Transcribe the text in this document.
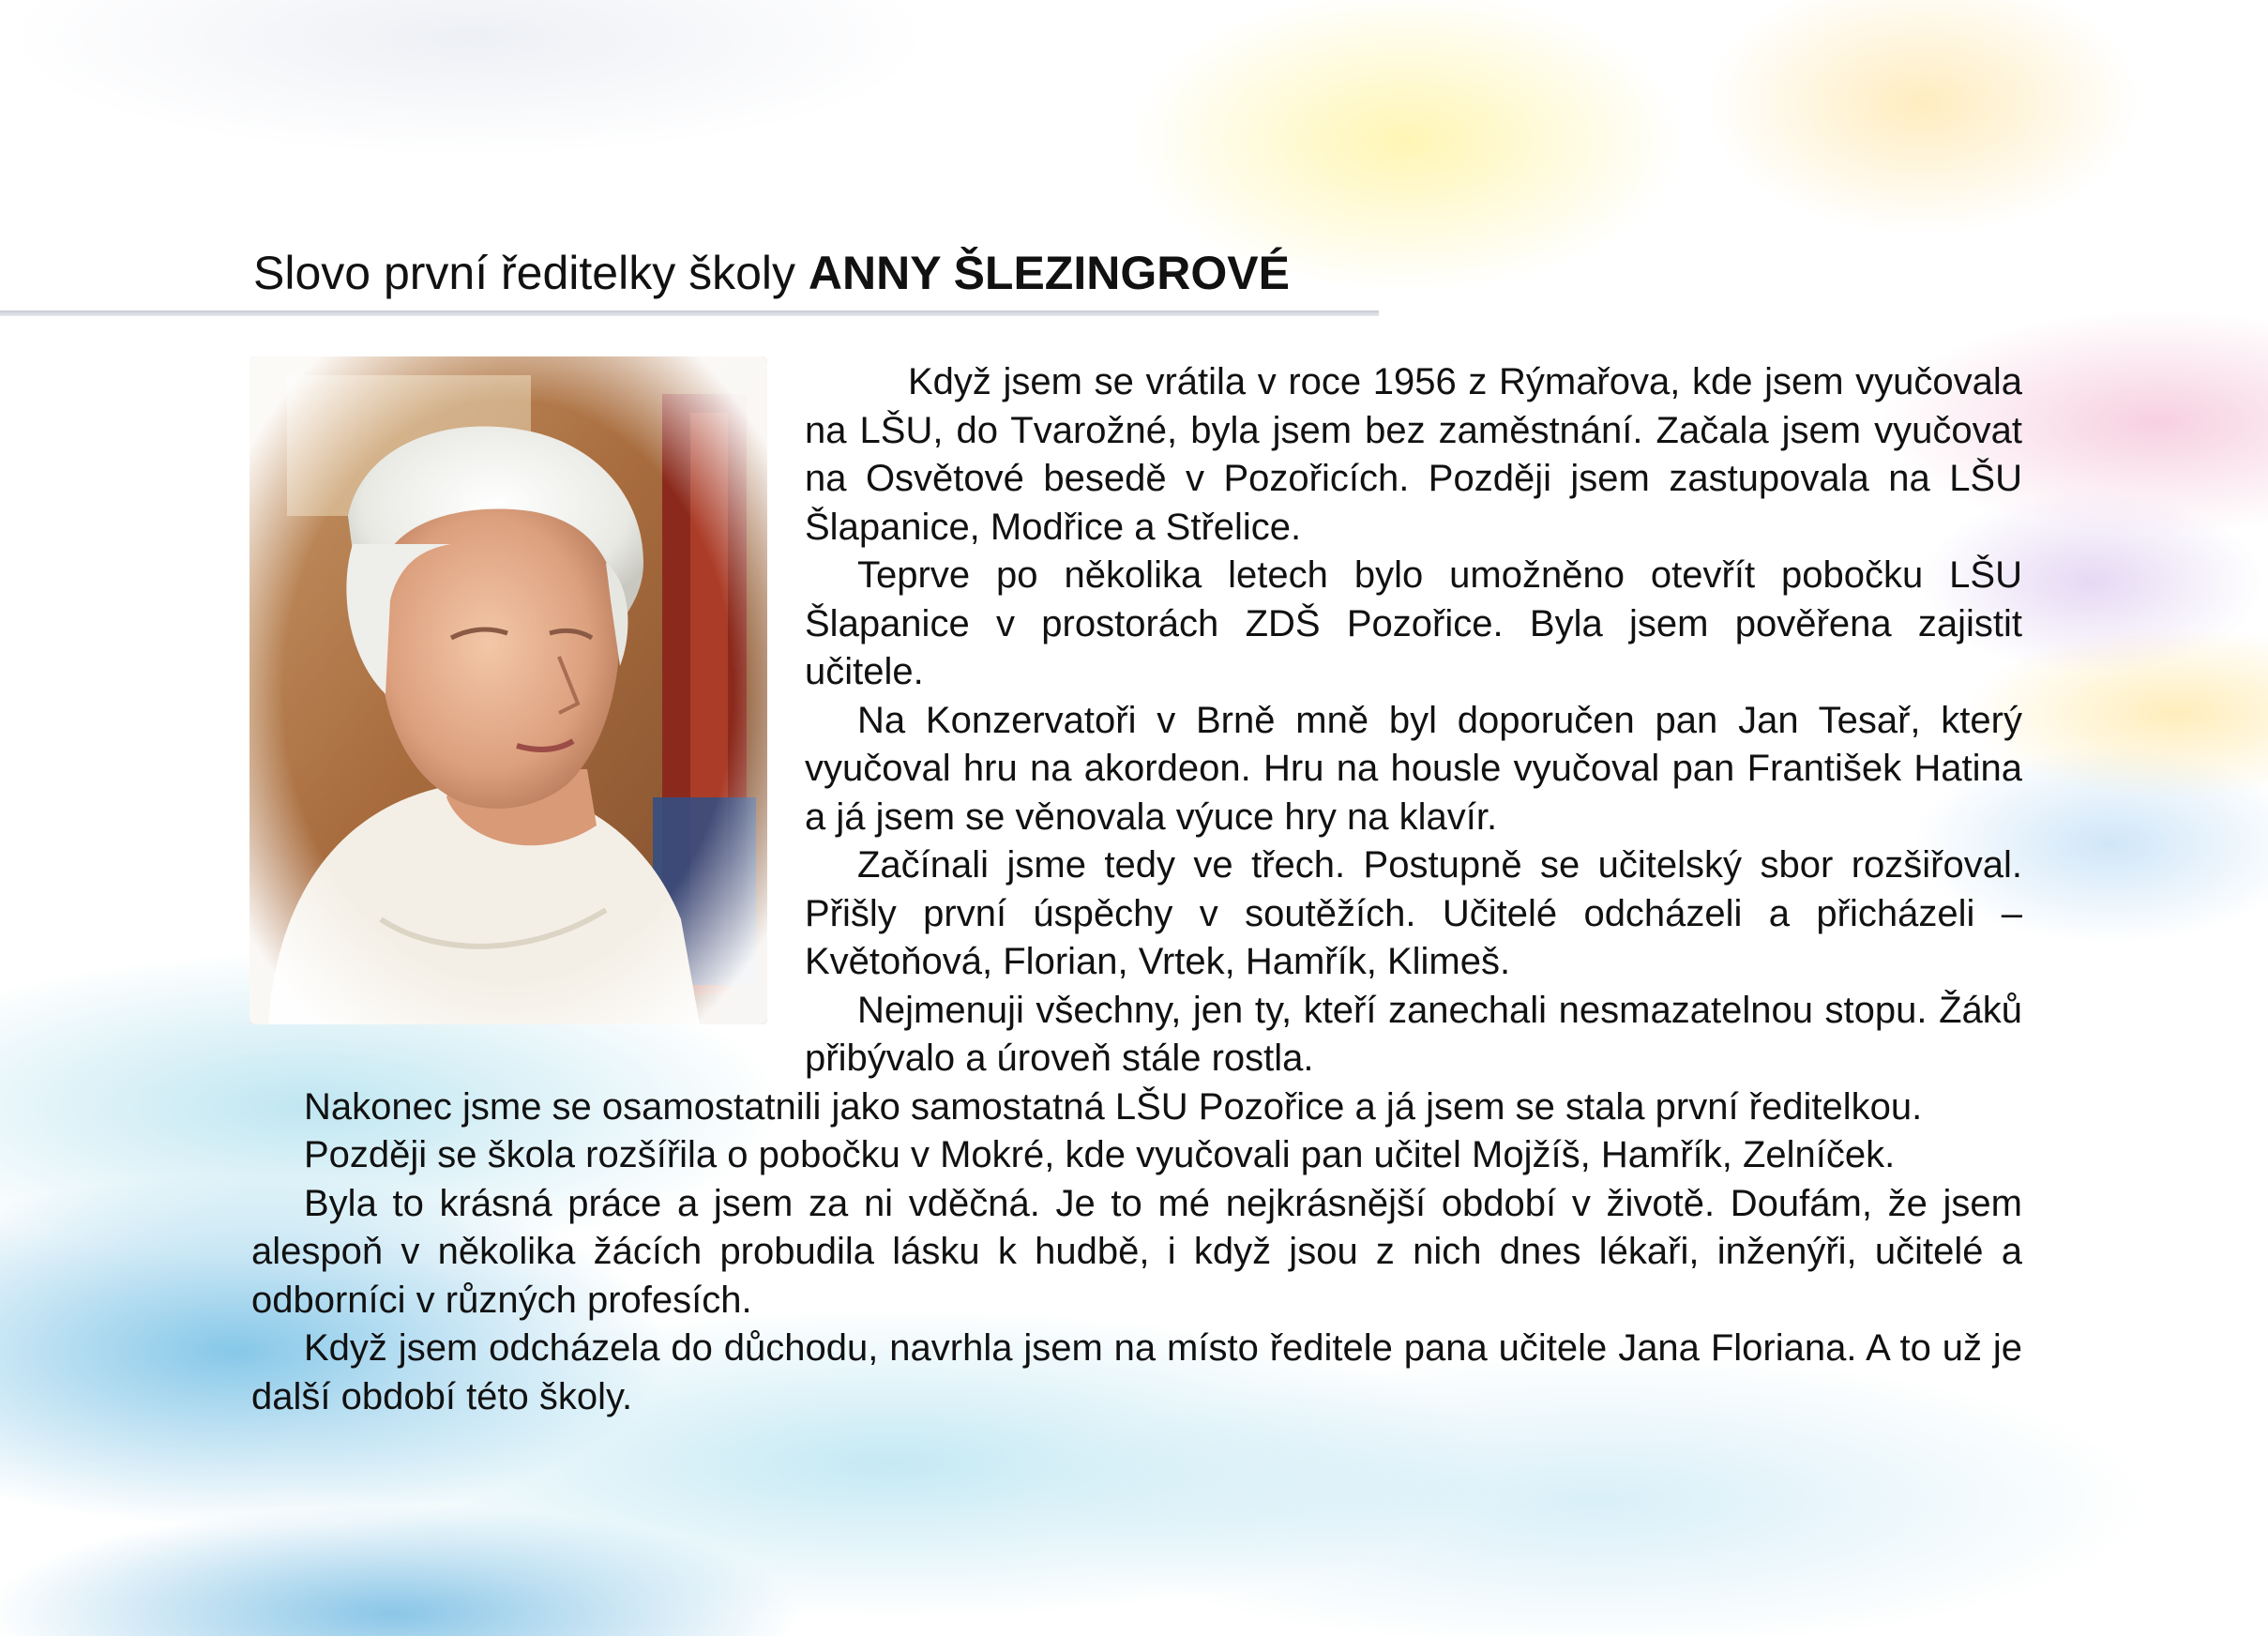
Slovo první ředitelky školy ANNY ŠLEZINGROVÉ

Když jsem se vrátila v roce 1956 z Rýmařova, kde jsem vyučovala na LŠU, do Tvarožné, byla jsem bez zaměstnání. Začala jsem vyučovat na Osvětové besedě v Pozořicích. Později jsem zastupovala na LŠU Šlapanice, Modřice a Střelice.

Teprve po několika letech bylo umožněno otevřít pobočku LŠU Šlapanice v prostorách ZDŠ Pozořice. Byla jsem pověřena zajistit učitele.

Na Konzervatoři v Brně mně byl doporučen pan Jan Tesař, který vyučoval hru na akordeon. Hru na housle vyučoval pan František Hatina a já jsem se věnovala výuce hry na klavír.

Začínali jsme tedy ve třech. Postupně se učitelský sbor rozšiřoval. Přišly první úspěchy v soutěžích. Učitelé odcházeli a přicházeli – Květoňová, Florian, Vrtek, Hamřík, Klimeš.

Nejmenuji všechny, jen ty, kteří zanechali nesmazatelnou stopu. Žáků přibývalo a úroveň stále rostla.

Nakonec jsme se osamostatnili jako samostatná LŠU Pozořice a já jsem se stala první ředitelkou.

Později se škola rozšířila o pobočku v Mokré, kde vyučovali pan učitel Mojžíš, Hamřík, Zelníček.

Byla to krásná práce a jsem za ni vděčná. Je to mé nejkrásnější období v životě. Doufám, že jsem alespoň v několika žácích probudila lásku k hudbě, i když jsou z nich dnes lékaři, inženýři, učitelé a odborníci v různých profesích.

Když jsem odcházela do důchodu, navrhla jsem na místo ředitele pana učitele Jana Floriana. A to už je další období této školy.
